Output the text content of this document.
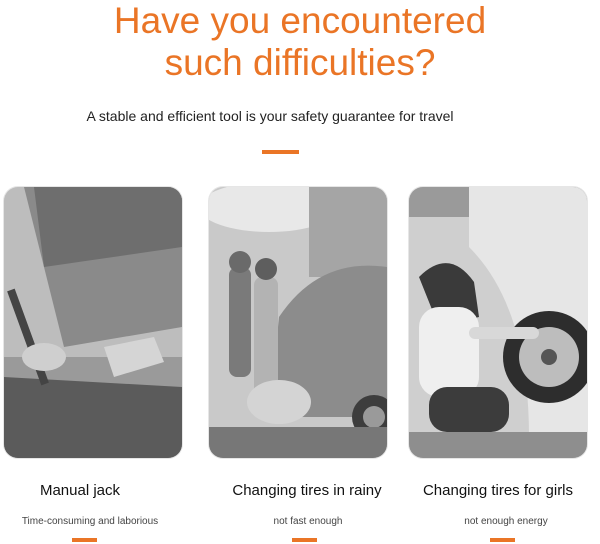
Have you encountered
such difficulties?
A stable and efficient tool is your safety guarantee for travel
Manual jack
Time-consuming and laborious
Changing tires in rainy
not fast enough
Changing tires for girls
not enough energy
